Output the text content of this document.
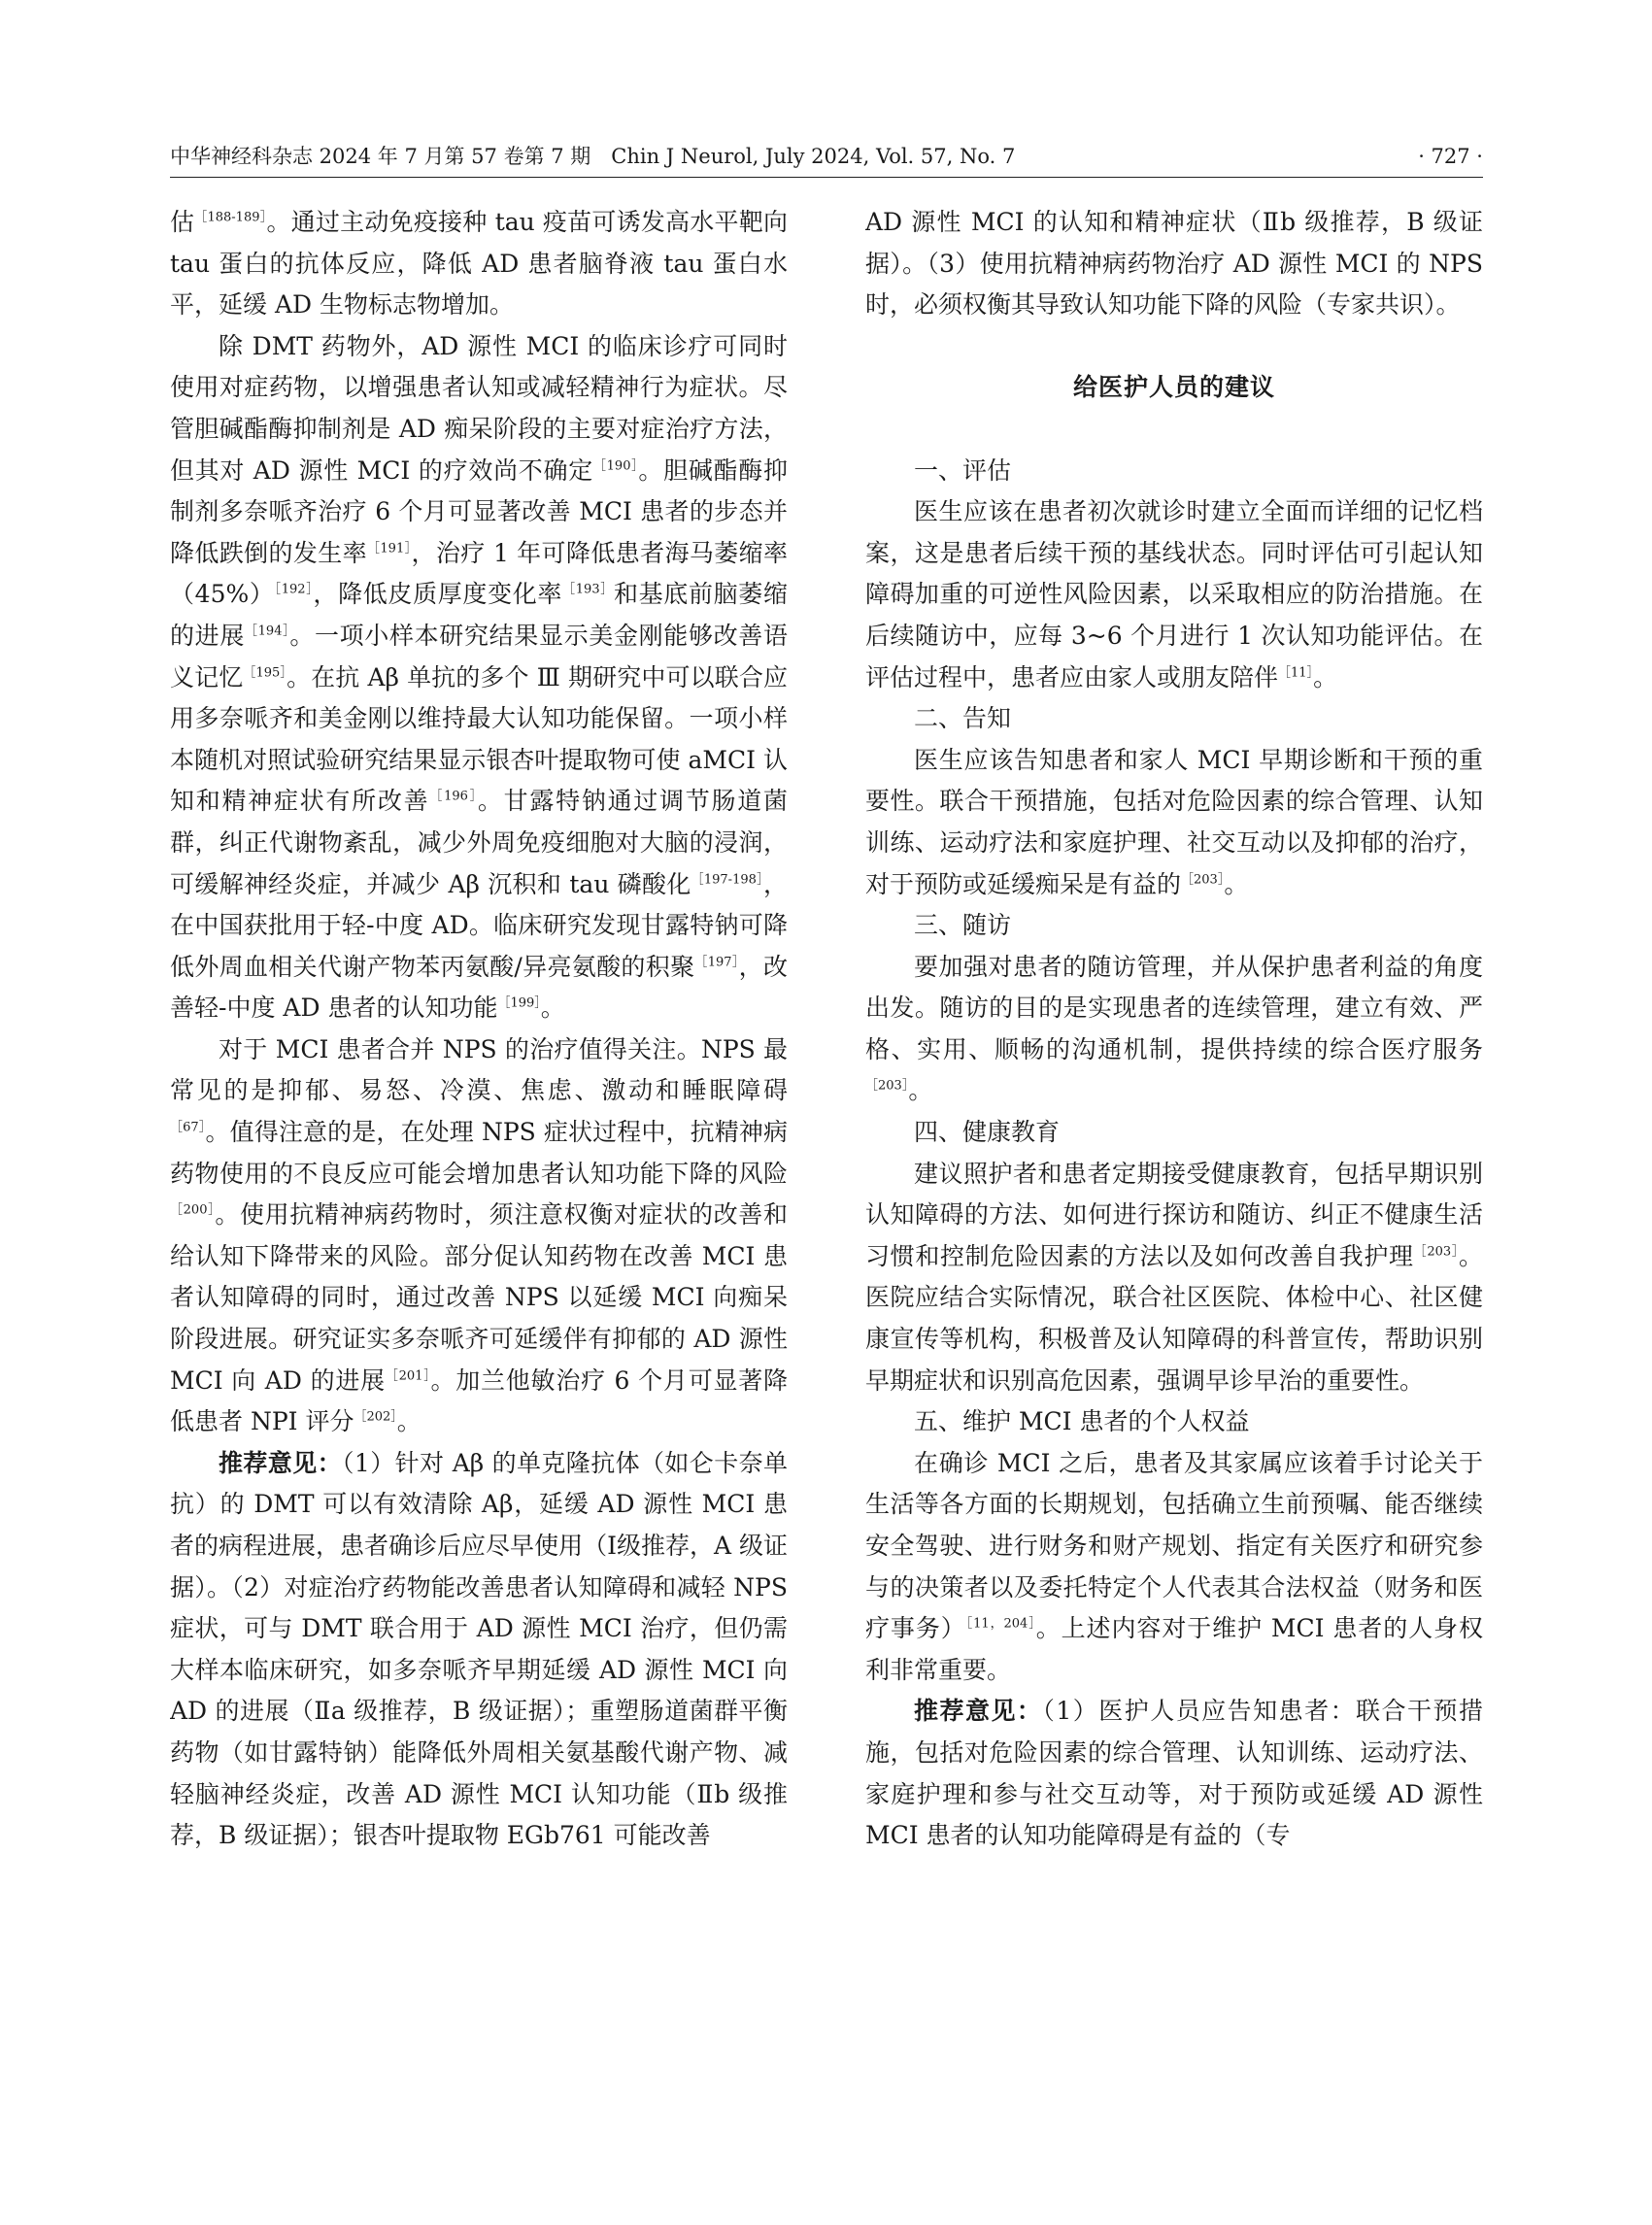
中华神经科杂志 2024 年 7 月第 57 卷第 7 期　Chin J Neurol, July 2024, Vol. 57, No. 7	· 727 ·

估$^{[188-189]}$。通过主动免疫接种 tau 疫苗可诱发高水平靶向 tau 蛋白的抗体反应，降低 AD 患者脑脊液 tau 蛋白水平，延缓 AD 生物标志物增加。

除 DMT 药物外，AD 源性 MCI 的临床诊疗可同时使用对症药物，以增强患者认知或减轻精神行为症状。尽管胆碱酯酶抑制剂是 AD 痴呆阶段的主要对症治疗方法，但其对 AD 源性 MCI 的疗效尚不确定$^{[190]}$。胆碱酯酶抑制剂多奈哌齐治疗 6 个月可显著改善 MCI 患者的步态并降低跌倒的发生率$^{[191]}$，治疗 1 年可降低患者海马萎缩率$(45\%)^{[192]}$，降低皮质厚度变化率$^{[193]}$和基底前脑萎缩的进展$^{[194]}$。一项小样本研究结果显示美金刚能够改善语义记忆$^{[195]}$。在抗 Aβ 单抗的多个 Ⅲ 期研究中可以联合应用多奈哌齐和美金刚以维持最大认知功能保留。一项小样本随机对照试验研究结果显示银杏叶提取物可使 aMCI 认知和精神症状有所改善$^{[196]}$。甘露特钠通过调节肠道菌群，纠正代谢物紊乱，减少外周免疫细胞对大脑的浸润，可缓解神经炎症，并减少 Aβ 沉积和 tau 磷酸化$^{[197-198]}$，在中国获批用于轻-中度 AD。临床研究发现甘露特钠可降低外周血相关代谢产物苯丙氨酸/异亮氨酸的积聚$^{[197]}$，改善轻-中度 AD 患者的认知功能$^{[199]}$。

对于 MCI 患者合并 NPS 的治疗值得关注。NPS 最常见的是抑郁、易怒、冷漠、焦虑、激动和睡眠障碍$^{[67]}$。值得注意的是，在处理 NPS 症状过程中，抗精神病药物使用的不良反应可能会增加患者认知功能下降的风险$^{[200]}$。使用抗精神病药物时，须注意权衡对症状的改善和给认知下降带来的风险。部分促认知药物在改善 MCI 患者认知障碍的同时，通过改善 NPS 以延缓 MCI 向痴呆阶段进展。研究证实多奈哌齐可延缓伴有抑郁的 AD 源性 MCI 向 AD 的进展$^{[201]}$。加兰他敏治疗 6 个月可显著降低患者 NPI 评分$^{[202]}$。

推荐意见：（1）针对 Aβ 的单克隆抗体（如仑卡奈单抗）的 DMT 可以有效清除 Aβ，延缓 AD 源性 MCI 患者的病程进展，患者确诊后应尽早使用（Ⅰ级推荐，A 级证据）。（2）对症治疗药物能改善患者认知障碍和减轻 NPS 症状，可与 DMT 联合用于 AD 源性 MCI 治疗，但仍需大样本临床研究，如多奈哌齐早期延缓 AD 源性 MCI 向 AD 的进展（Ⅱa 级推荐，B 级证据）；重塑肠道菌群平衡药物（如甘露特钠）能降低外周相关氨基酸代谢产物、减轻脑神经炎症，改善 AD 源性 MCI 认知功能（Ⅱb 级推荐，B 级证据）；银杏叶提取物 EGb761 可能改善

AD 源性 MCI 的认知和精神症状（Ⅱb 级推荐，B 级证据）。（3）使用抗精神病药物治疗 AD 源性 MCI 的 NPS 时，必须权衡其导致认知功能下降的风险（专家共识）。

给医护人员的建议

一、评估

医生应该在患者初次就诊时建立全面而详细的记忆档案，这是患者后续干预的基线状态。同时评估可引起认知障碍加重的可逆性风险因素，以采取相应的防治措施。在后续随访中，应每 3~6 个月进行 1 次认知功能评估。在评估过程中，患者应由家人或朋友陪伴$^{[11]}$。

二、告知

医生应该告知患者和家人 MCI 早期诊断和干预的重要性。联合干预措施，包括对危险因素的综合管理、认知训练、运动疗法和家庭护理、社交互动以及抑郁的治疗，对于预防或延缓痴呆是有益的$^{[203]}$。

三、随访

要加强对患者的随访管理，并从保护患者利益的角度出发。随访的目的是实现患者的连续管理，建立有效、严格、实用、顺畅的沟通机制，提供持续的综合医疗服务$^{[203]}$。

四、健康教育

建议照护者和患者定期接受健康教育，包括早期识别认知障碍的方法、如何进行探访和随访、纠正不健康生活习惯和控制危险因素的方法以及如何改善自我护理$^{[203]}$。医院应结合实际情况，联合社区医院、体检中心、社区健康宣传等机构，积极普及认知障碍的科普宣传，帮助识别早期症状和识别高危因素，强调早诊早治的重要性。

五、维护 MCI 患者的个人权益

在确诊 MCI 之后，患者及其家属应该着手讨论关于生活等各方面的长期规划，包括确立生前预嘱、能否继续安全驾驶、进行财务和财产规划、指定有关医疗和研究参与的决策者以及委托特定个人代表其合法权益（财务和医疗事务）$^{[11,204]}$。上述内容对于维护 MCI 患者的人身权利非常重要。

推荐意见：（1）医护人员应告知患者：联合干预措施，包括对危险因素的综合管理、认知训练、运动疗法、家庭护理和参与社交互动等，对于预防或延缓 AD 源性 MCI 患者的认知功能障碍是有益的（专
